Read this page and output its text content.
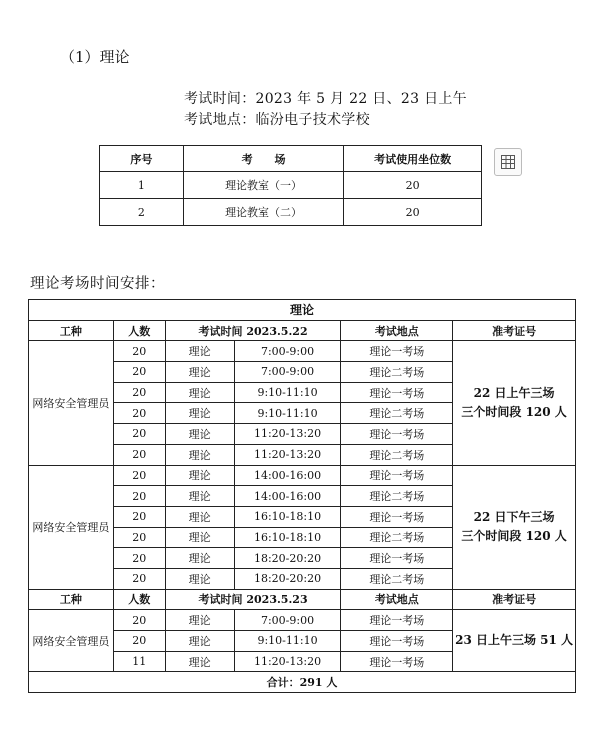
（1）理论
考试时间：2023 年 5 月 22 日、23 日上午
考试地点：临汾电子技术学校
序号	考　　场	考试使用坐位数
1	理论教室（一）	20
2	理论教室（二）	20
理论考场时间安排：
理论					
工种	人数	考试时间 2023.5.22		考试地点	准考证号
网络安全管理员	20	理论	7:00-9:00	理论一考场	22 日上午三场
三个时间段 120 人

	20	理论	7:00-9:00	理论二考场	
	20	理论	9:10-11:10	理论一考场	
	20	理论	9:10-11:10	理论二考场	
	20	理论	11:20-13:20	理论一考场	
	20	理论	11:20-13:20	理论二考场	
网络安全管理员	20	理论	14:00-16:00	理论一考场	22 日下午三场
三个时间段 120 人

	20	理论	14:00-16:00	理论二考场	
	20	理论	16:10-18:10	理论一考场	
	20	理论	16:10-18:10	理论二考场	
	20	理论	18:20-20:20	理论一考场	
	20	理论	18:20-20:20	理论二考场	
工种	人数	考试时间 2023.5.23		考试地点	准考证号
网络安全管理员	20	理论	7:00-9:00	理论一考场	23 日上午三场 51 人

	20	理论	9:10-11:10	理论一考场	
	11	理论	11:20-13:20	理论一考场	
合计：291 人					
